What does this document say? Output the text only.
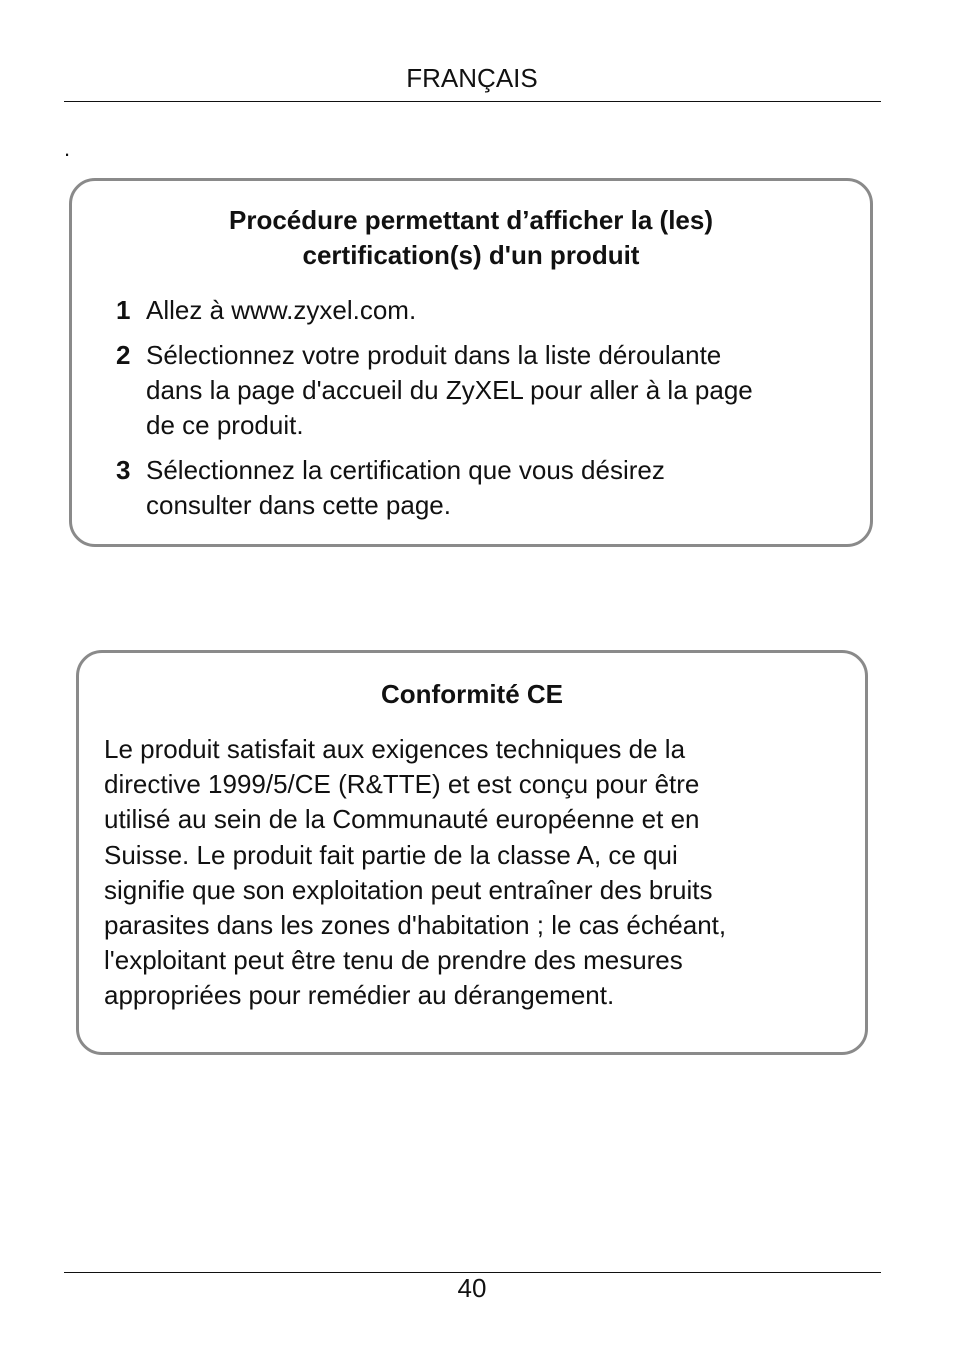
FRANÇAIS
.
Procédure permettant d’afficher la (les)
certification(s) d'un produit
1 Allez à www.zyxel.com.
2 Sélectionnez votre produit dans la liste déroulante
dans la page d'accueil du ZyXEL pour aller à la page
de ce produit.
3 Sélectionnez la certification que vous désirez
consulter dans cette page.
Conformité CE
Le produit satisfait aux exigences techniques de la
directive 1999/5/CE (R&TTE) et est conçu pour être
utilisé au sein de la Communauté européenne et en
Suisse. Le produit fait partie de la classe A, ce qui
signifie que son exploitation peut entraîner des bruits
parasites dans les zones d'habitation ; le cas échéant,
l'exploitant peut être tenu de prendre des mesures
appropriées pour remédier au dérangement.
40
